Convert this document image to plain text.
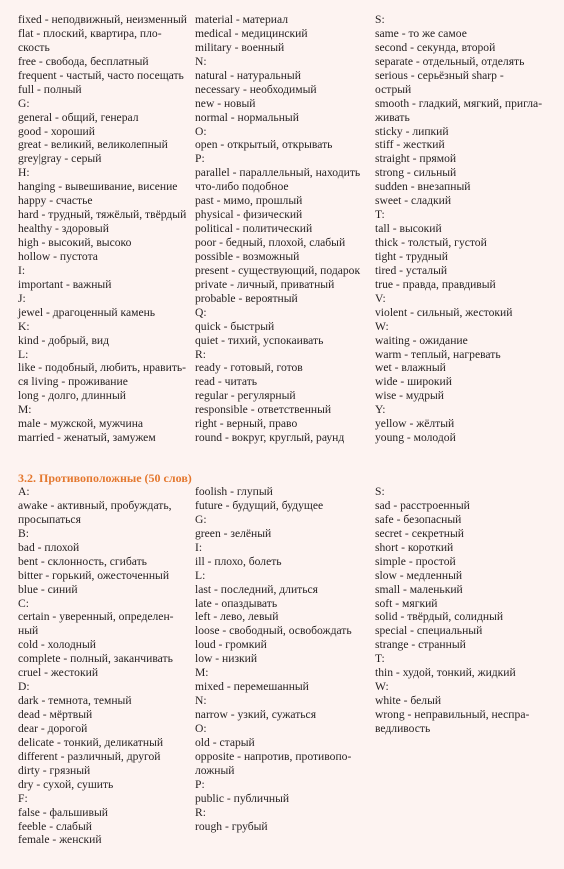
fixed - неподвижный, неизменный
flat - плоский, квартира, пло-
скость
free - свобода, бесплатный
frequent - частый, часто посещать
full - полный
G:
general - общий, генерал
good - хороший
great - великий, великолепный
grey|gray - серый
H:
hanging - вывешивание, висение
happy - счастье
hard - трудный, тяжёлый, твёрдый
healthy - здоровый
high - высокий, высоко
hollow - пустота
I:
important - важный
J:
jewel - драгоценный камень
K:
kind - добрый, вид
L:
like - подобный, любить, нравить-
ся living - проживание
long - долго, длинный
M:
male - мужской, мужчина
married - женатый, замужем
material - материал
medical - медицинский
military - военный
N:
natural - натуральный
necessary - необходимый
new - новый
normal - нормальный
O:
open - открытый, открывать
P:
parallel - параллельный, находить
что-либо подобное
past - мимо, прошлый
physical - физический
political - политический
poor - бедный, плохой, слабый
possible - возможный
present - существующий, подарок
private - личный, приватный
probable - вероятный
Q:
quick - быстрый
quiet - тихий, успокаивать
R:
ready - готовый, готов
read - читать
regular - регулярный
responsible - ответственный
right - верный, право
round - вокруг, круглый, раунд
S:
same - то же самое
second - секунда, второй
separate - отдельный, отделять
serious - серьёзный sharp -
острый
smooth - гладкий, мягкий, пригла-
живать
sticky - липкий
stiff - жесткий
straight - прямой
strong - сильный
sudden - внезапный
sweet - сладкий
T:
tall - высокий
thick - толстый, густой
tight - трудный
tired - усталый
true - правда, правдивый
V:
violent - сильный, жестокий
W:
waiting - ожидание
warm - теплый, нагревать
wet - влажный
wide - широкий
wise - мудрый
Y:
yellow - жёлтый
young - молодой
3.2. Противоположные (50 слов)
A:
awake - активный, пробуждать,
просыпаться
B:
bad - плохой
bent - склонность, сгибать
bitter - горький, ожесточенный
blue - синий
C:
certain - уверенный, определен-
ный
cold - холодный
complete - полный, заканчивать
cruel - жестокий
D:
dark - темнота, темный
dead - мёртвый
dear - дорогой
delicate - тонкий, деликатный
different - различный, другой
dirty - грязный
dry - сухой, сушить
F:
false - фальшивый
feeble - слабый
female - женский
foolish - глупый
future - будущий, будущее
G:
green - зелёный
I:
ill - плохо, болеть
L:
last - последний, длиться
late - опаздывать
left - лево, левый
loose - свободный, освобождать
loud - громкий
low - низкий
M:
mixed - перемешанный
N:
narrow - узкий, сужаться
O:
old - старый
opposite - напротив, противопо-
ложный
P:
public - публичный
R:
rough - грубый
S:
sad - расстроенный
safe - безопасный
secret - секретный
short - короткий
simple - простой
slow - медленный
small - маленький
soft - мягкий
solid - твёрдый, солидный
special - специальный
strange - странный
T:
thin - худой, тонкий, жидкий
W:
white - белый
wrong - неправильный, неспра-
ведливость
